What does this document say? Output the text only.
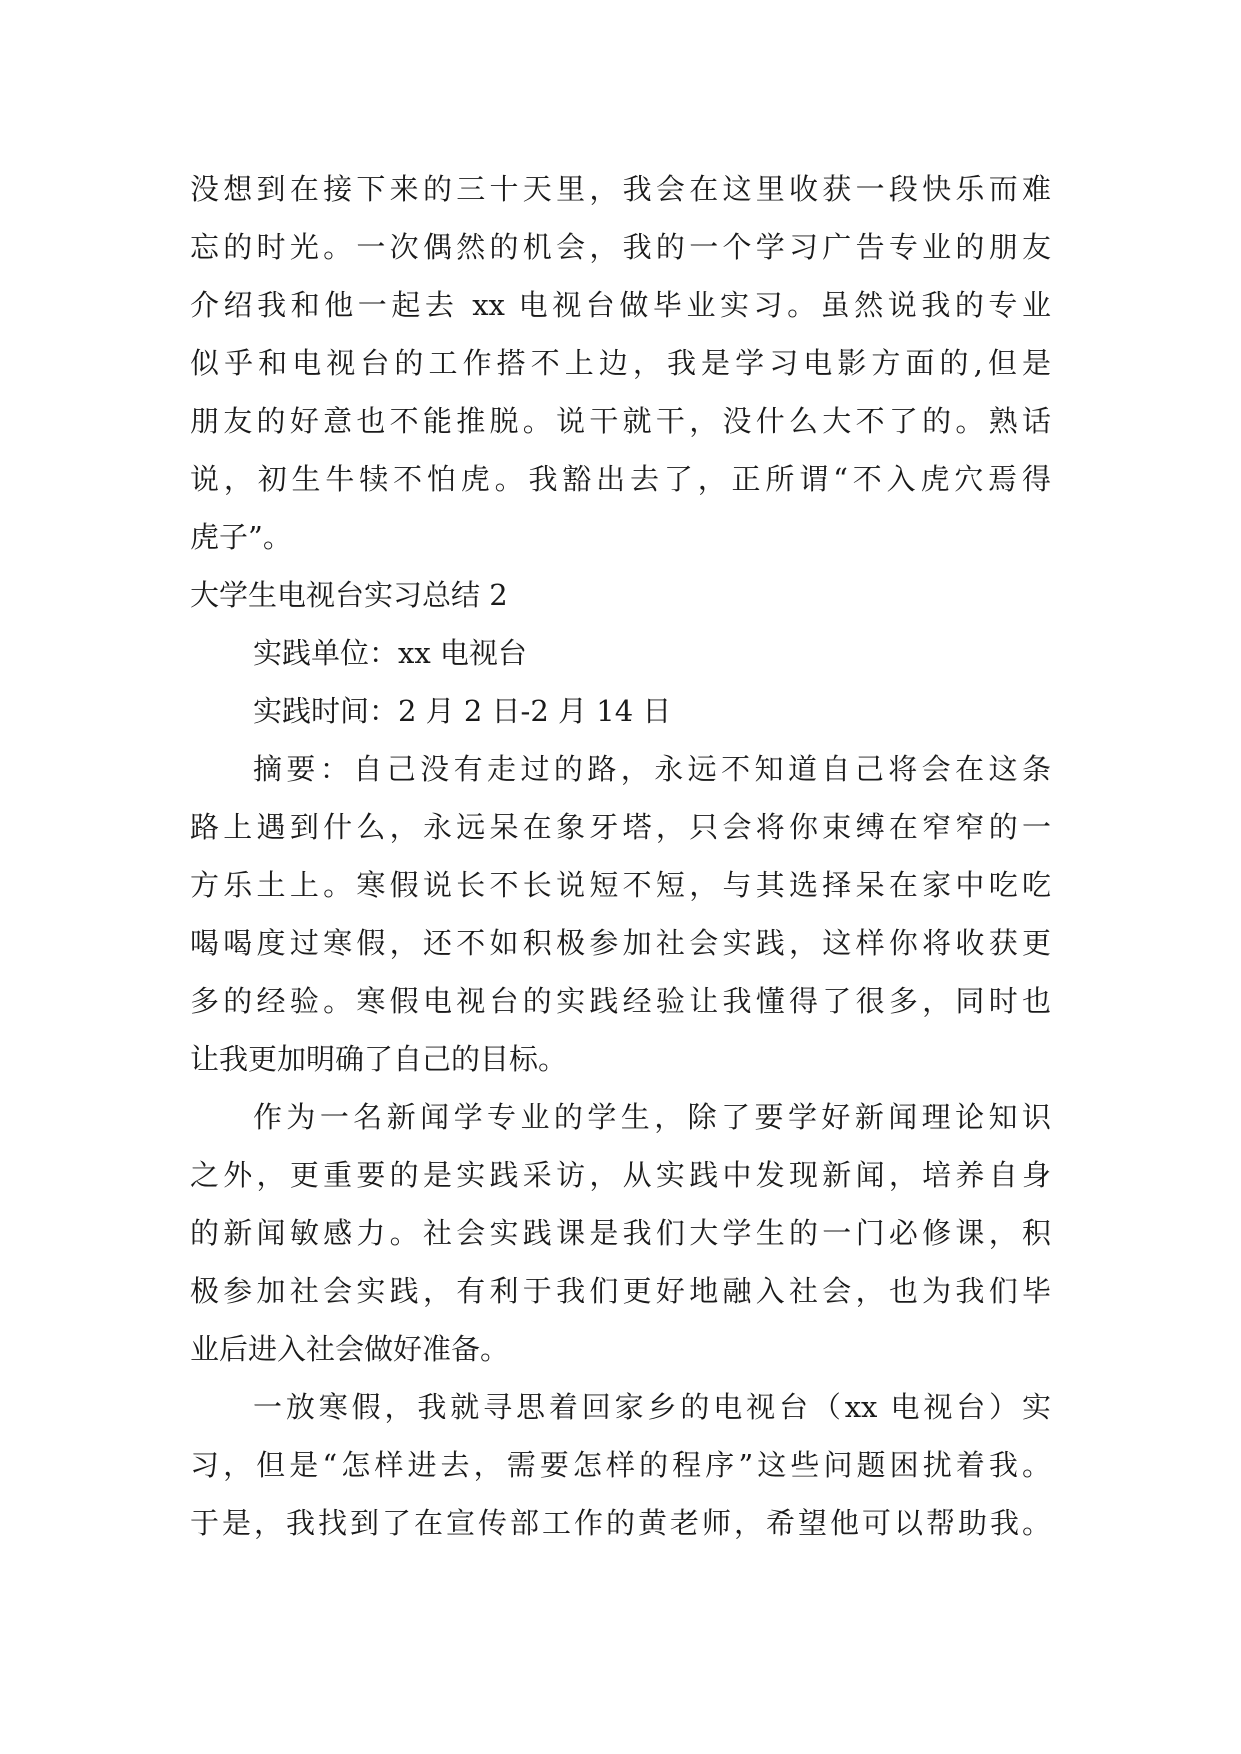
没想到在接下来的三十天里，我会在这里收获一段快乐而难
忘的时光。一次偶然的机会，我的一个学习广告专业的朋友
介绍我和他一起去 xx 电视台做毕业实习。虽然说我的专业
似乎和电视台的工作搭不上边，我是学习电影方面的,但是
朋友的好意也不能推脱。说干就干，没什么大不了的。熟话
说，初生牛犊不怕虎。我豁出去了，正所谓“不入虎穴焉得
虎子”。
大学生电视台实习总结 2
实践单位：xx 电视台
实践时间：2 月 2 日-2 月 14 日
摘要：自己没有走过的路，永远不知道自己将会在这条
路上遇到什么，永远呆在象牙塔，只会将你束缚在窄窄的一
方乐土上。寒假说长不长说短不短，与其选择呆在家中吃吃
喝喝度过寒假，还不如积极参加社会实践，这样你将收获更
多的经验。寒假电视台的实践经验让我懂得了很多，同时也
让我更加明确了自己的目标。
作为一名新闻学专业的学生，除了要学好新闻理论知识
之外，更重要的是实践采访，从实践中发现新闻，培养自身
的新闻敏感力。社会实践课是我们大学生的一门必修课，积
极参加社会实践，有利于我们更好地融入社会，也为我们毕
业后进入社会做好准备。
一放寒假，我就寻思着回家乡的电视台（xx 电视台）实
习，但是“怎样进去，需要怎样的程序”这些问题困扰着我。
于是，我找到了在宣传部工作的黄老师，希望他可以帮助我。
